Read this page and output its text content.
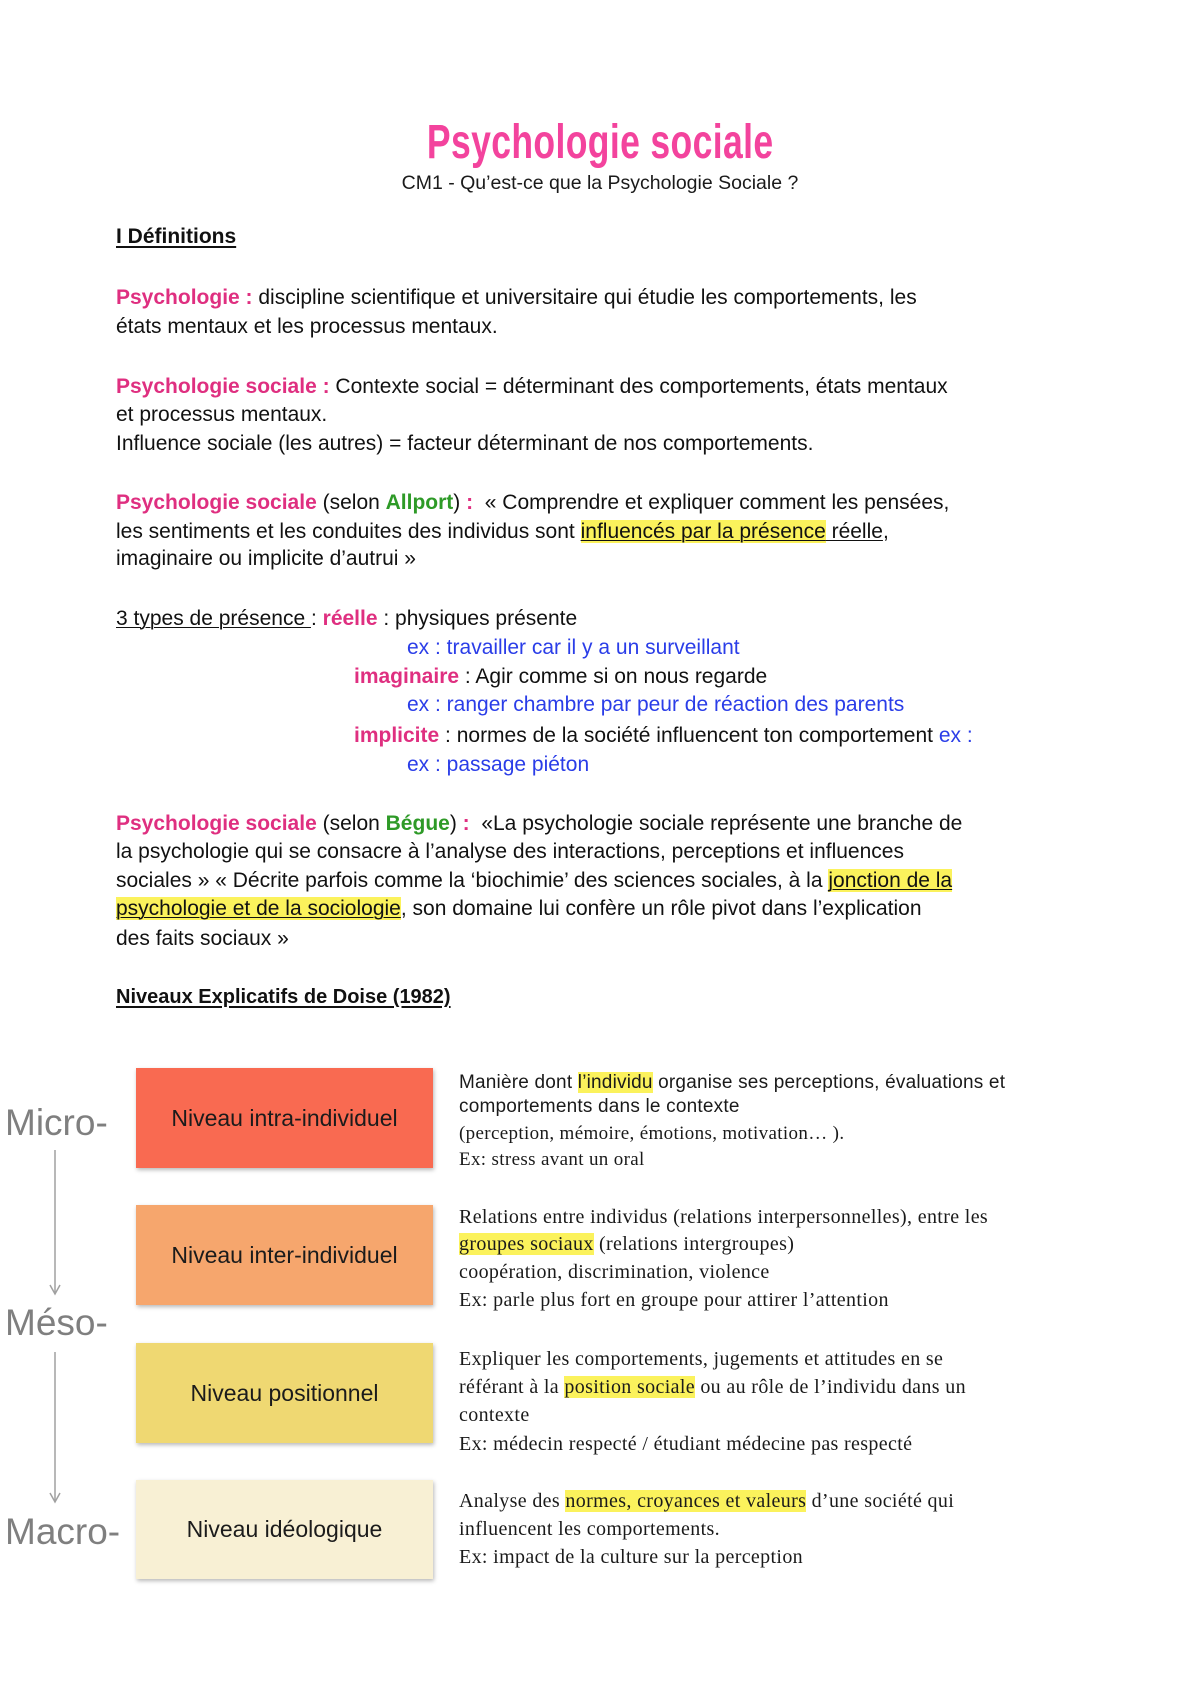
Psychologie sociale
CM1 - Qu’est-ce que la Psychologie Sociale ?
I Définitions
Psychologie : discipline scientifique et universitaire qui étudie les comportements, les
états mentaux et les processus mentaux.
Psychologie sociale : Contexte social = déterminant des comportements, états mentaux
et processus mentaux.
Influence sociale (les autres) = facteur déterminant de nos comportements.
Psychologie sociale (selon Allport) :  « Comprendre et expliquer comment les pensées,
les sentiments et les conduites des individus sont influencés par la présence réelle,
imaginaire ou implicite d’autrui »
3 types de présence : réelle : physiques présente
ex : travailler car il y a un surveillant
imaginaire : Agir comme si on nous regarde
ex : ranger chambre par peur de réaction des parents
implicite : normes de la société influencent ton comportement ex :
ex : passage piéton
Psychologie sociale (selon Bégue) :  «La psychologie sociale représente une branche de
la psychologie qui se consacre à l’analyse des interactions, perceptions et influences
sociales » « Décrite parfois comme la ‘biochimie’ des sciences sociales, à la jonction de la
psychologie et de la sociologie, son domaine lui confère un rôle pivot dans l’explication
des faits sociaux »
Niveaux Explicatifs de Doise (1982)
Micro-
Méso-
Macro-
Niveau intra-individuel
Niveau inter-individuel
Niveau positionnel
Niveau idéologique
Manière dont l’individu organise ses perceptions, évaluations et
comportements dans le contexte
(perception, mémoire, émotions, motivation… ).
Ex: stress avant un oral
Relations entre individus (relations interpersonnelles), entre les
groupes sociaux (relations intergroupes)
coopération, discrimination, violence
Ex: parle plus fort en groupe pour attirer l’attention
Expliquer les comportements, jugements et attitudes en se
référant à la position sociale ou au rôle de l’individu dans un
contexte
Ex: médecin respecté / étudiant médecine pas respecté
Analyse des normes, croyances et valeurs d’une société qui
influencent les comportements.
Ex: impact de la culture sur la perception
